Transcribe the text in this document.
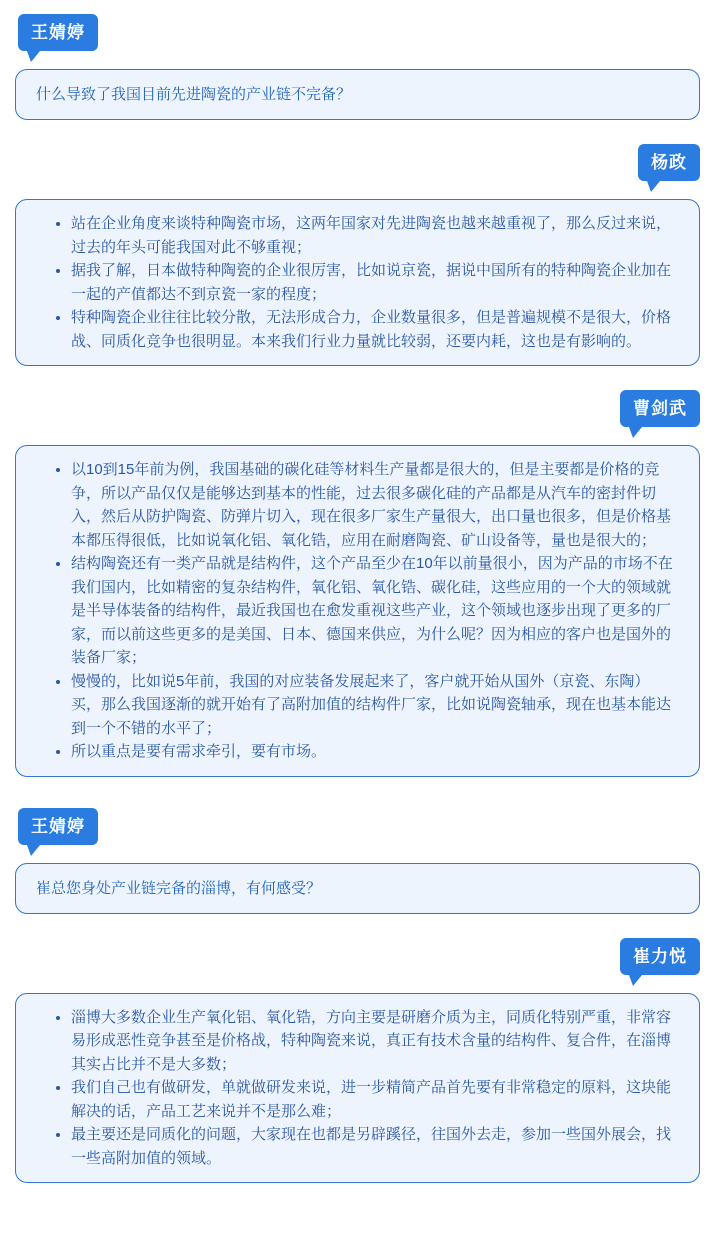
王婧婷
什么导致了我国目前先进陶瓷的产业链不完备？
杨政
• 站在企业角度来谈特种陶瓷市场，这两年国家对先进陶瓷也越来越重视了，那么反过来说，过去的年头可能我国对此不够重视；
• 据我了解，日本做特种陶瓷的企业很厉害，比如说京瓷，据说中国所有的特种陶瓷企业加在一起的产值都达不到京瓷一家的程度；
• 特种陶瓷企业往往比较分散，无法形成合力，企业数量很多，但是普遍规模不是很大，价格战、同质化竞争也很明显。本来我们行业力量就比较弱，还要内耗，这也是有影响的。
曹剑武
• 以10到15年前为例，我国基础的碳化硅等材料生产量都是很大的，但是主要都是价格的竞争，所以产品仅仅是能够达到基本的性能，过去很多碳化硅的产品都是从汽车的密封件切入，然后从防护陶瓷、防弹片切入，现在很多厂家生产量很大，出口量也很多，但是价格基本都压得很低，比如说氧化铝、氧化锆，应用在耐磨陶瓷、矿山设备等，量也是很大的；
• 结构陶瓷还有一类产品就是结构件，这个产品至少在10年以前量很小，因为产品的市场不在我们国内，比如精密的复杂结构件，氧化铝、氧化锆、碳化硅，这些应用的一个大的领域就是半导体装备的结构件，最近我国也在愈发重视这些产业，这个领域也逐步出现了更多的厂家，而以前这些更多的是美国、日本、德国来供应，为什么呢？因为相应的客户也是国外的装备厂家；
• 慢慢的，比如说5年前，我国的对应装备发展起来了，客户就开始从国外（京瓷、东陶）买，那么我国逐渐的就开始有了高附加值的结构件厂家，比如说陶瓷轴承，现在也基本能达到一个不错的水平了；
• 所以重点是要有需求牵引，要有市场。
王婧婷
崔总您身处产业链完备的淄博，有何感受？
崔力悦
• 淄博大多数企业生产氧化铝、氧化锆，方向主要是研磨介质为主，同质化特别严重，非常容易形成恶性竞争甚至是价格战，特种陶瓷来说，真正有技术含量的结构件、复合件，在淄博其实占比并不是大多数；
• 我们自己也有做研发，单就做研发来说，进一步精简产品首先要有非常稳定的原料，这块能解决的话，产品工艺来说并不是那么难；
• 最主要还是同质化的问题，大家现在也都是另辟蹊径，往国外去走，参加一些国外展会，找一些高附加值的领域。
